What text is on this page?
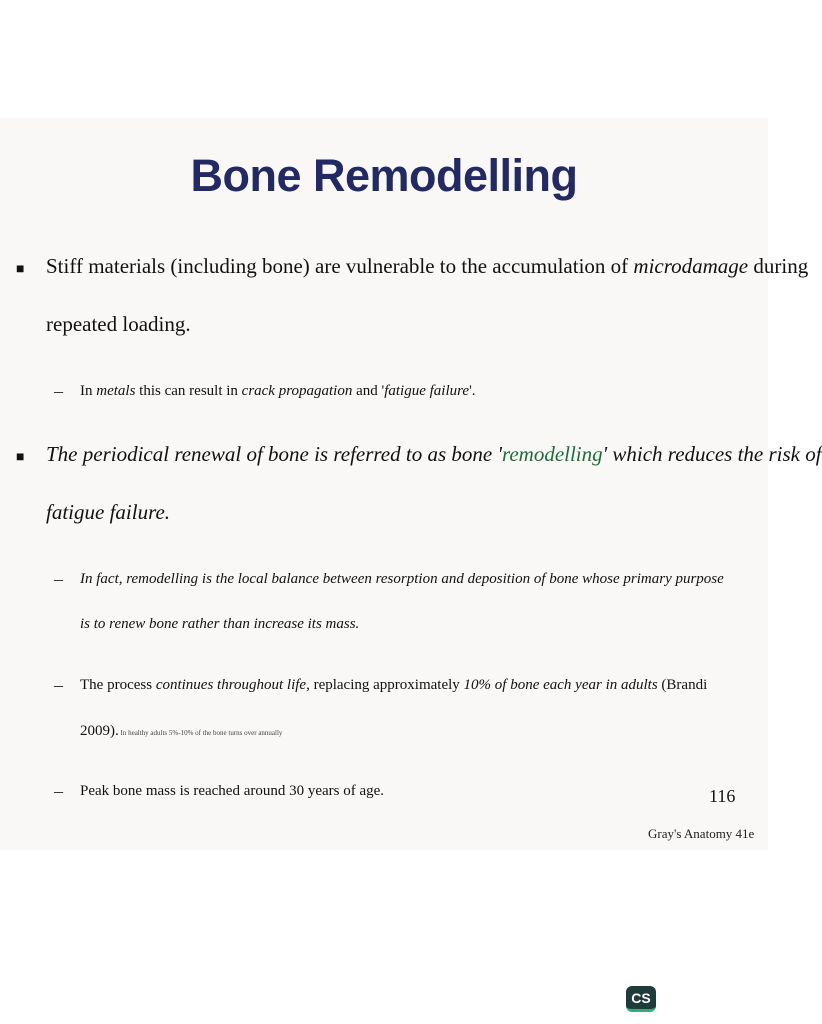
Bone Remodelling
■ Stiff materials (including bone) are vulnerable to the accumulation of microdamage during
repeated loading.
– In metals this can result in crack propagation and 'fatigue failure'.
■ The periodical renewal of bone is referred to as bone 'remodelling' which reduces the risk of
fatigue failure.
– In fact, remodelling is the local balance between resorption and deposition of bone whose primary purpose
is to renew bone rather than increase its mass.
– The process continues throughout life, replacing approximately 10% of bone each year in adults (Brandi
2009). In healthy adults 5%-10% of the bone turns over annually
– Peak bone mass is reached around 30 years of age.	116
Gray's Anatomy 41e
CS
